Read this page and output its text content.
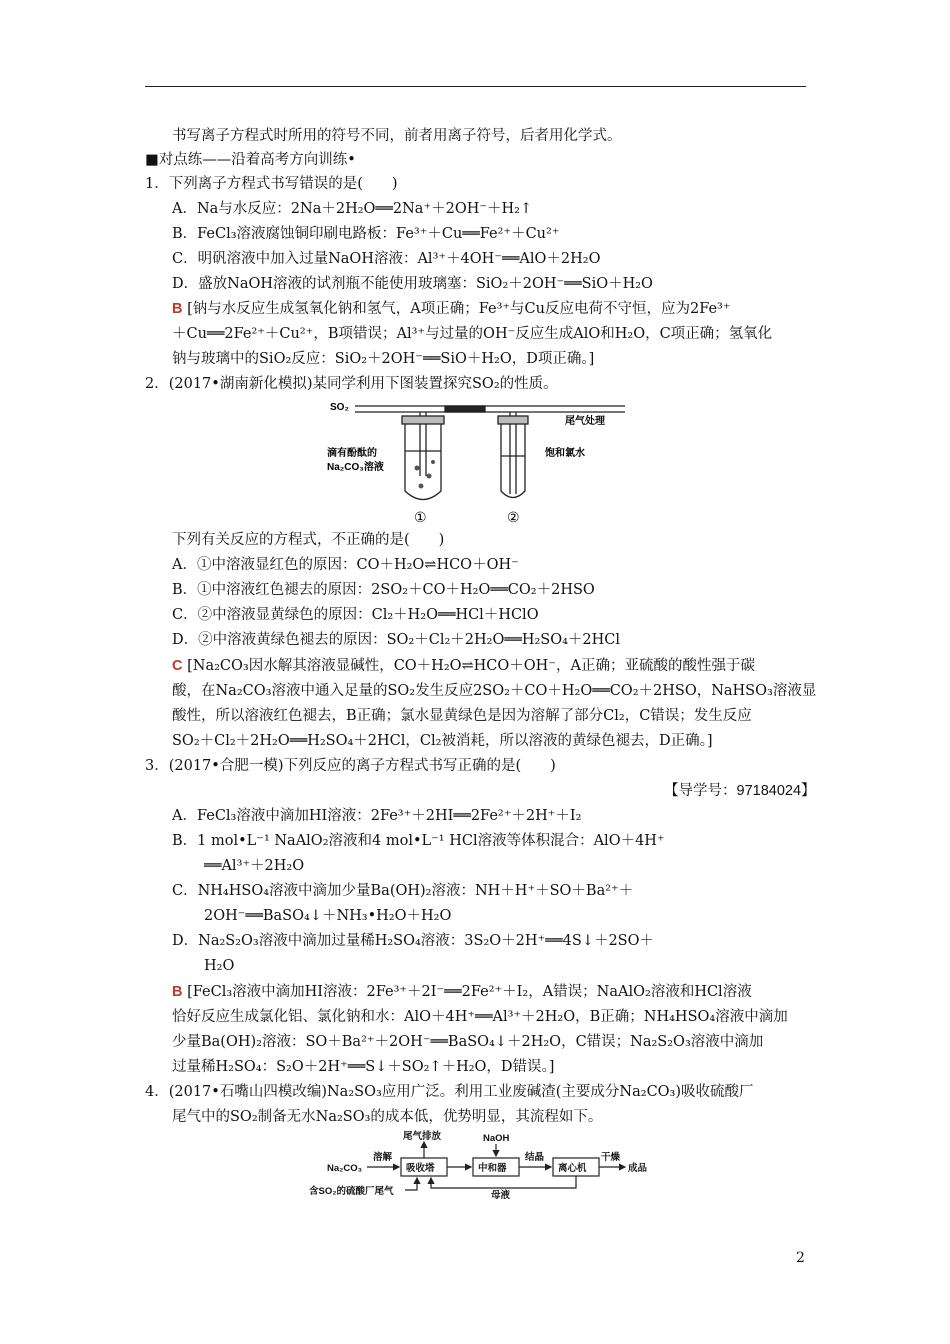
书写离子方程式时所用的符号不同，前者用离子符号，后者用化学式。
■对点练——沿着高考方向训练•
1．下列离子方程式书写错误的是(　　)
A．Na与水反应：2Na＋2H₂O══2Na⁺＋2OH⁻＋H₂↑
B．FeCl₃溶液腐蚀铜印刷电路板：Fe³⁺＋Cu══Fe²⁺＋Cu²⁺
C．明矾溶液中加入过量NaOH溶液：Al³⁺＋4OH⁻══AlO＋2H₂O
D．盛放NaOH溶液的试剂瓶不能使用玻璃塞：SiO₂＋2OH⁻══SiO＋H₂O
B [钠与水反应生成氢氧化钠和氢气，A项正确；Fe³⁺与Cu反应电荷不守恒，应为2Fe³⁺
＋Cu══2Fe²⁺＋Cu²⁺，B项错误；Al³⁺与过量的OH⁻反应生成AlO和H₂O，C项正确；氢氧化
钠与玻璃中的SiO₂反应：SiO₂＋2OH⁻══SiO＋H₂O，D项正确。]
2．(2017•湖南新化模拟)某同学利用下图装置探究SO₂的性质。
SO₂
尾气处理
滴有酚酞的
Na₂CO₃溶液
饱和氯水
①	②
下列有关反应的方程式，不正确的是(　　)
A．①中溶液显红色的原因：CO＋H₂O⇌HCO＋OH⁻
B．①中溶液红色褪去的原因：2SO₂＋CO＋H₂O══CO₂＋2HSO
C．②中溶液显黄绿色的原因：Cl₂＋H₂O══HCl＋HClO
D．②中溶液黄绿色褪去的原因：SO₂＋Cl₂＋2H₂O══H₂SO₄＋2HCl
C [Na₂CO₃因水解其溶液显碱性，CO＋H₂O⇌HCO＋OH⁻，A正确；亚硫酸的酸性强于碳
酸，在Na₂CO₃溶液中通入足量的SO₂发生反应2SO₂＋CO＋H₂O══CO₂＋2HSO，NaHSO₃溶液显
酸性，所以溶液红色褪去，B正确；氯水显黄绿色是因为溶解了部分Cl₂，C错误；发生反应
SO₂＋Cl₂＋2H₂O══H₂SO₄＋2HCl，Cl₂被消耗，所以溶液的黄绿色褪去，D正确。]
3．(2017•合肥一模)下列反应的离子方程式书写正确的是(　　)
【导学号：97184024】
A．FeCl₃溶液中滴加HI溶液：2Fe³⁺＋2HI══2Fe²⁺＋2H⁺＋I₂
B．1 mol•L⁻¹ NaAlO₂溶液和4 mol•L⁻¹ HCl溶液等体积混合：AlO＋4H⁺
══Al³⁺＋2H₂O
C．NH₄HSO₄溶液中滴加少量Ba(OH)₂溶液：NH＋H⁺＋SO＋Ba²⁺＋
2OH⁻══BaSO₄↓＋NH₃•H₂O＋H₂O
D．Na₂S₂O₃溶液中滴加过量稀H₂SO₄溶液：3S₂O＋2H⁺══4S↓＋2SO＋
H₂O
B [FeCl₃溶液中滴加HI溶液：2Fe³⁺＋2I⁻══2Fe²⁺＋I₂，A错误；NaAlO₂溶液和HCl溶液
恰好反应生成氯化铝、氯化钠和水：AlO＋4H⁺══Al³⁺＋2H₂O，B正确；NH₄HSO₄溶液中滴加
少量Ba(OH)₂溶液：SO＋Ba²⁺＋2OH⁻══BaSO₄↓＋2H₂O，C错误；Na₂S₂O₃溶液中滴加
过量稀H₂SO₄：S₂O＋2H⁺══S↓＋SO₂↑＋H₂O，D错误。]
4．(2017•石嘴山四模改编)Na₂SO₃应用广泛。利用工业废碱渣(主要成分Na₂CO₃)吸收硫酸厂
尾气中的SO₂制备无水Na₂SO₃的成本低，优势明显，其流程如下。
Na₂CO₃
溶解
尾气排放
吸收塔
NaOH
中和器
结晶
离心机
干燥
成品
含SO₂的硫酸厂尾气	母液
2
